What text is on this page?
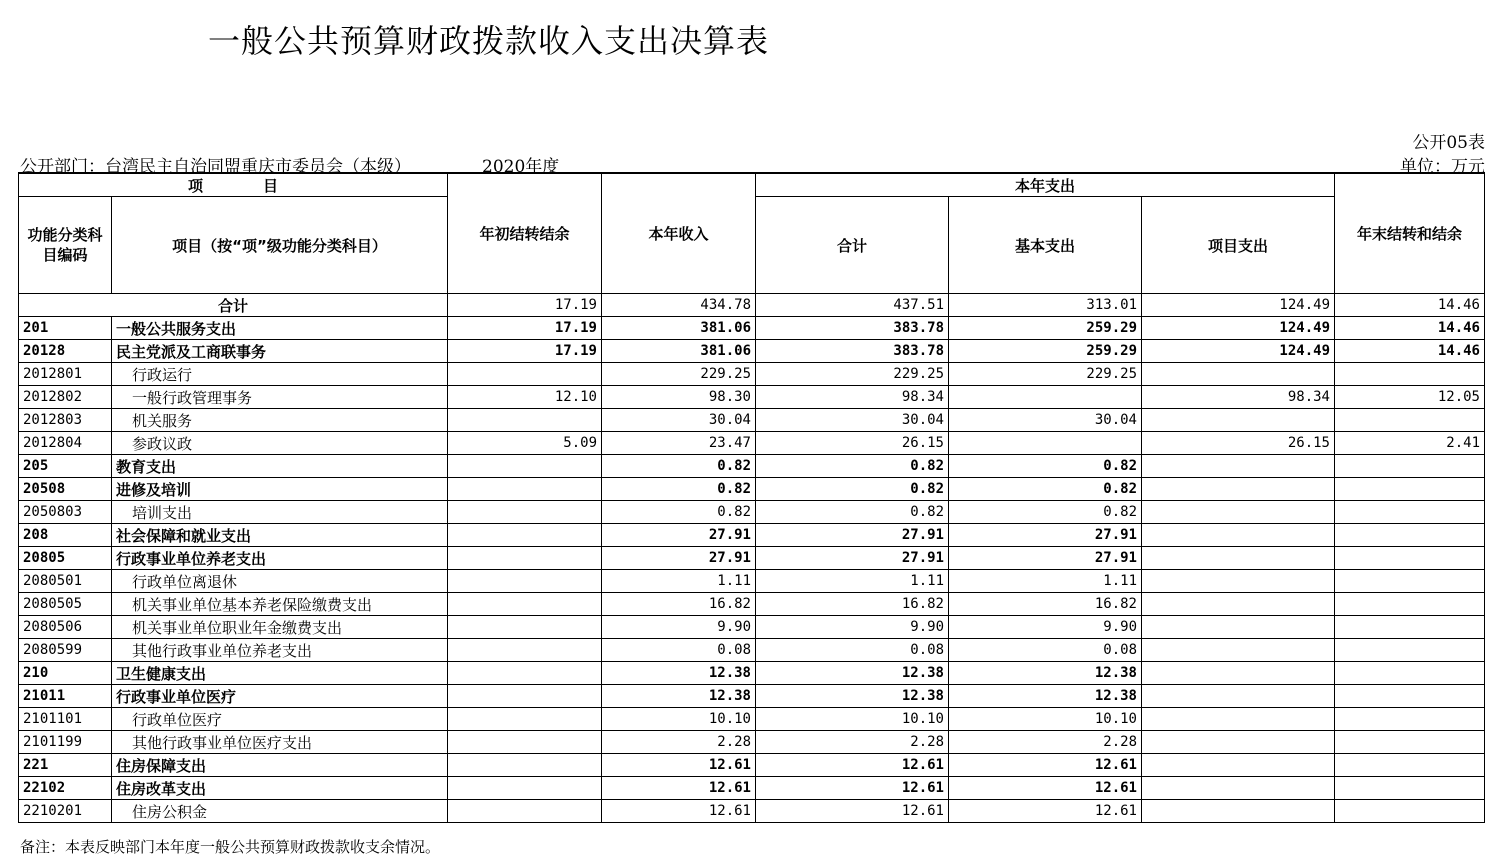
一般公共预算财政拨款收入支出决算表
公开05表
公开部门：台湾民主自治同盟重庆市委员会（本级）	2020年度	单位：万元
项　　　　目		年初结转结余	本年收入	本年支出			年末结转和结余
功能分类科目编码	项目（按“项”级功能分类科目）			合计	基本支出	项目支出	

合计		17.19	434.78	437.51	313.01	124.49	14.46
201	一般公共服务支出	17.19	381.06	383.78	259.29	124.49	14.46
20128	民主党派及工商联事务	17.19	381.06	383.78	259.29	124.49	14.46
2012801	行政运行		229.25	229.25	229.25		
2012802	一般行政管理事务	12.10	98.30	98.34		98.34	12.05
2012803	机关服务		30.04	30.04	30.04		
2012804	参政议政	5.09	23.47	26.15		26.15	2.41
205	教育支出		0.82	0.82	0.82		
20508	进修及培训		0.82	0.82	0.82		
2050803	培训支出		0.82	0.82	0.82		
208	社会保障和就业支出		27.91	27.91	27.91		
20805	行政事业单位养老支出		27.91	27.91	27.91		
2080501	行政单位离退休		1.11	1.11	1.11		
2080505	机关事业单位基本养老保险缴费支出		16.82	16.82	16.82		
2080506	机关事业单位职业年金缴费支出		9.90	9.90	9.90		
2080599	其他行政事业单位养老支出		0.08	0.08	0.08		
210	卫生健康支出		12.38	12.38	12.38		
21011	行政事业单位医疗		12.38	12.38	12.38		
2101101	行政单位医疗		10.10	10.10	10.10		
2101199	其他行政事业单位医疗支出		2.28	2.28	2.28		
221	住房保障支出		12.61	12.61	12.61		
22102	住房改革支出		12.61	12.61	12.61		
2210201	住房公积金		12.61	12.61	12.61		
备注：本表反映部门本年度一般公共预算财政拨款收支余情况。
